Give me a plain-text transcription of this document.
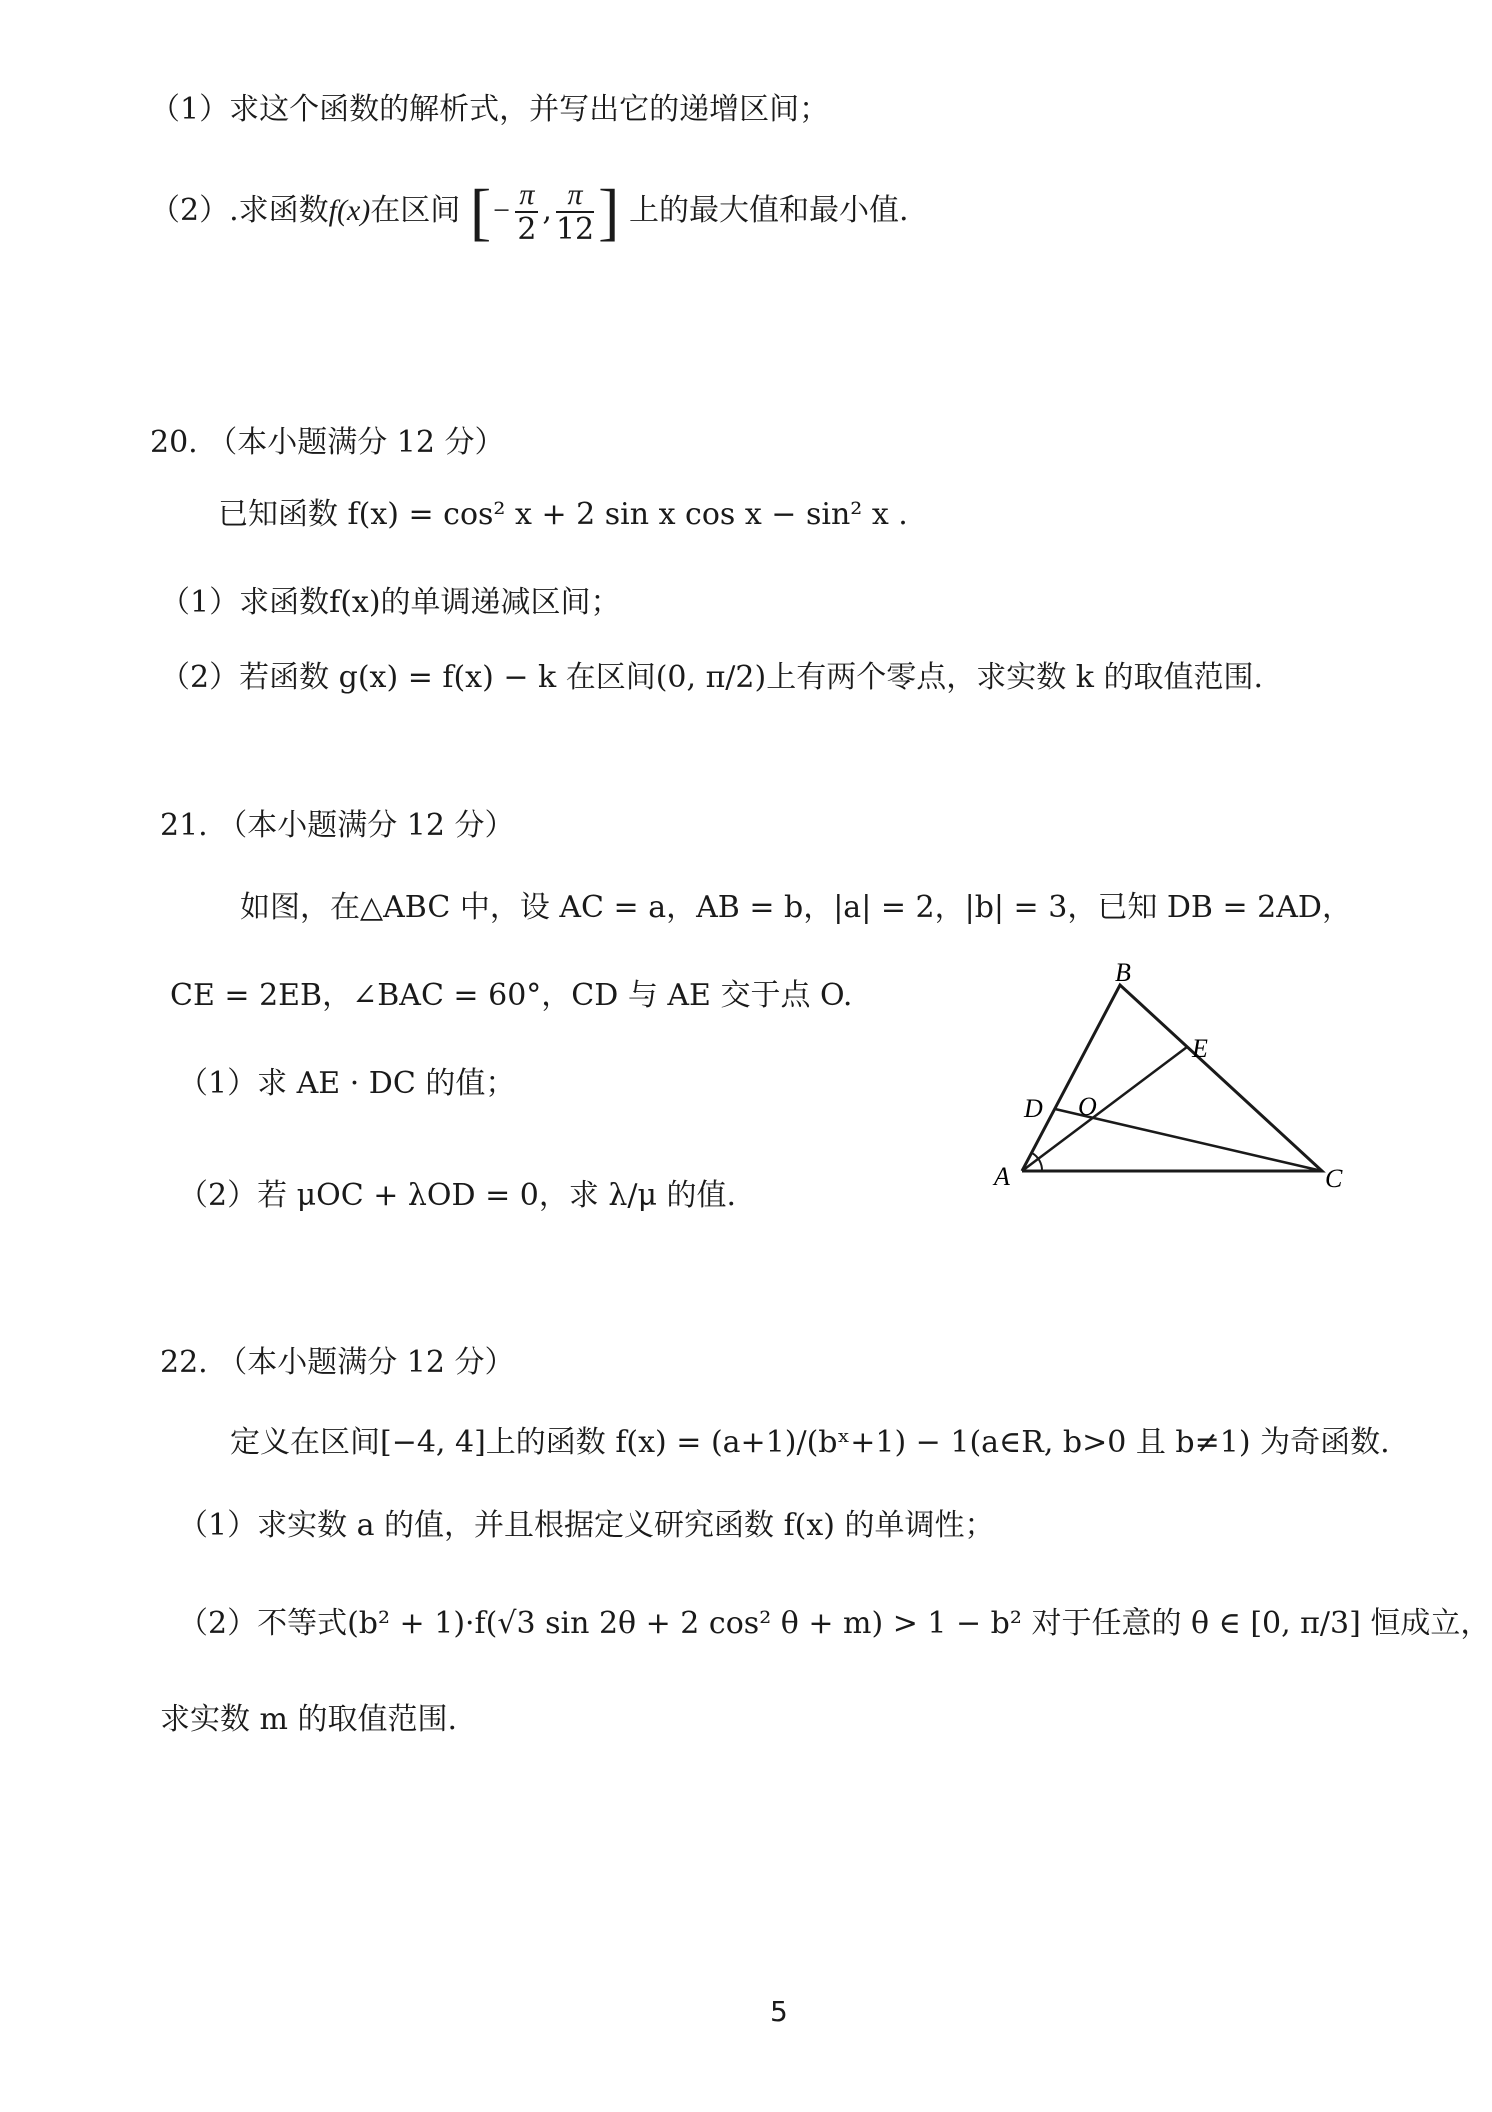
（1）求这个函数的解析式，并写出它的递增区间；
（2）.求函数f(x)在区间 [− $\frac{\pi}{2}$ , $\frac{\pi}{12}$ ] 上的最大值和最小值.
20. （本小题满分 12 分）
已知函数 f(x) = cos² x + 2 sin x cos x − sin² x .
（1）求函数f(x)的单调递减区间；
（2）若函数 g(x) = f(x) − k 在区间(0, π/2)上有两个零点，求实数 k 的取值范围.
21. （本小题满分 12 分）
如图，在△ABC 中，设 AC = a，AB = b，|a| = 2，|b| = 3，已知 DB = 2AD，
CE = 2EB，∠BAC = 60°，CD 与 AE 交于点 O.
（1）求 AE · DC 的值；
（2）若 μOC + λOD = 0，求 λ/μ 的值.
A
B
C
D
E
O
22. （本小题满分 12 分）
定义在区间[−4, 4]上的函数 f(x) = (a+1)/(bˣ+1) − 1(a∈R, b>0 且 b≠1) 为奇函数.
（1）求实数 a 的值，并且根据定义研究函数 f(x) 的单调性；
（2）不等式(b² + 1)·f(√3 sin 2θ + 2 cos² θ + m) > 1 − b² 对于任意的 θ ∈ [0, π/3] 恒成立，
求实数 m 的取值范围.
5
